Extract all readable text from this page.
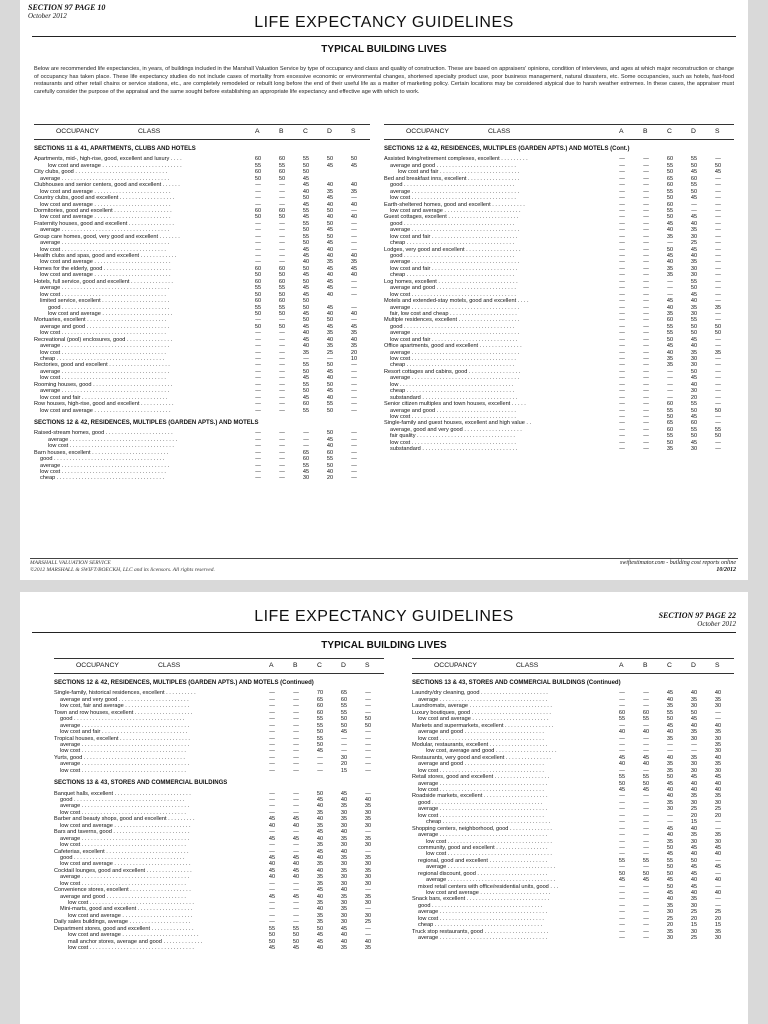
SECTION 97 PAGE 10
October 2012	LIFE EXPECTANCY GUIDELINES
TYPICAL BUILDING LIVES
Below are recommended life expectancies, in years, of buildings included in the Marshall Valuation Service by type of occupancy and class and quality of construction. These are based on appraisers' opinions, condition of interviews, and ages at which major reconstruction or change of occupancy has taken place. These life expectancy studies do not include cases of mortality from excessive economic or environmental changes, shortened specialty product use, poor business management, natural disasters, etc. Some occupancies, such as hotels, fast-food restaurants and other retail chains or service stations, etc., are completely remodeled or rebuilt long before the end of their useful life as a matter of marketing policy. Certain locations may be considered atypical due to harsh weather extremes. In these cases, the appraiser must carefully consider the purpose of the appraisal and the same sought before establishing an appropriate life expectancy and effective age with which to work.
OCCUPANCY	CLASS	A	B	C	D	S
SECTIONS 11 & 41, APARTMENTS, CLUBS AND HOTELS
Apartments, mid-, high-rise, good, excellent and luxury . . . .	60	60	55	50	50
low cost and average . . . . . . . . . . . . . . . . . . . . . . . . . .	55	55	50	45	45
City clubs, good . . . . . . . . . . . . . . . . . . . . . . . . . . . . . .	60	60	50
average . . . . . . . . . . . . . . . . . . . . . . . . . . . . . . . . . . .	50	50	45
Clubhouses and senior centers, good and excellent . . . . . .	—	—	45	40	40
low cost and average . . . . . . . . . . . . . . . . . . . . . . . . .	—	—	40	35	35
Country clubs, good and excellent . . . . . . . . . . . . . . . . . .	—	—	50	45	—
low cost and average . . . . . . . . . . . . . . . . . . . . . . . . .	—	—	45	40	40
Dormitories, good and excellent . . . . . . . . . . . . . . . . . . .	60	60	55	50	—
low cost and average . . . . . . . . . . . . . . . . . . . . . . . . .	50	50	45	40	40
Fraternity houses, good and excellent . . . . . . . . . . . . . . .	—	—	55	50	—
average . . . . . . . . . . . . . . . . . . . . . . . . . . . . . . . . . . .	—	—	50	45	—
Group care homes, good, very good and excellent . . . . . . .	—	—	55	50	—
average . . . . . . . . . . . . . . . . . . . . . . . . . . . . . . . . . . .	—	—	50	45	—
low cost . . . . . . . . . . . . . . . . . . . . . . . . . . . . . . . . . .	—	—	45	40	—
Health clubs and spas, good and excellent . . . . . . . . . . . .	—	—	45	40	40
low cost and average . . . . . . . . . . . . . . . . . . . . . . . . .	—	—	40	35	35
Homes for the elderly, good . . . . . . . . . . . . . . . . . . . . . .	60	60	50	45	45
low cost and average . . . . . . . . . . . . . . . . . . . . . . . . .	50	50	45	40	40
Hotels, full service, good and excellent . . . . . . . . . . . . . .	60	60	50	45	—
average . . . . . . . . . . . . . . . . . . . . . . . . . . . . . . . . . . .	55	55	45	45	—
low cost . . . . . . . . . . . . . . . . . . . . . . . . . . . . . . . . . .	50	50	45	40	—
limited service, excellent . . . . . . . . . . . . . . . . . . . . . .	60	60	50
good . . . . . . . . . . . . . . . . . . . . . . . . . . . . . . . . . . .	55	55	50	45	—
low cost and average . . . . . . . . . . . . . . . . . . . . . . .	50	50	45	40	40
Mortuaries, excellent . . . . . . . . . . . . . . . . . . . . . . . . . .	—	—	50	50	—
average and good . . . . . . . . . . . . . . . . . . . . . . . . . . .	50	50	45	45	45
low cost . . . . . . . . . . . . . . . . . . . . . . . . . . . . . . . . . .	—	—	40	35	35
Recreational (pool) enclosures, good . . . . . . . . . . . . . . .	—	—	45	40	40
average . . . . . . . . . . . . . . . . . . . . . . . . . . . . . . . . . . .	—	—	40	35	35
low cost . . . . . . . . . . . . . . . . . . . . . . . . . . . . . . . . . .	—	—	35	25	20
cheap . . . . . . . . . . . . . . . . . . . . . . . . . . . . . . . . . . .	—	—	—	—	10
Rectories, good and excellent . . . . . . . . . . . . . . . . . . . .	—	—	55	50	—
average . . . . . . . . . . . . . . . . . . . . . . . . . . . . . . . . . . .	—	—	50	45	—
low cost . . . . . . . . . . . . . . . . . . . . . . . . . . . . . . . . . .	—	—	45	40	—
Rooming houses, good . . . . . . . . . . . . . . . . . . . . . . . . . .	—	—	55	50	—
average . . . . . . . . . . . . . . . . . . . . . . . . . . . . . . . . . . .	—	—	50	45	—
low cost and fair . . . . . . . . . . . . . . . . . . . . . . . . . . . .	—	—	45	40	—
Row houses, high-rise, good and excellent . . . . . . . . . . .	—	—	60	55	—
low cost and average . . . . . . . . . . . . . . . . . . . . . . . . .	—	—	55	50	—
SECTIONS 12 & 42, RESIDENCES, MULTIPLES (GARDEN APTS.) AND MOTELS
Raised-stream homes, good . . . . . . . . . . . . . . . . . . . . . .	—	—	—	50	—
average . . . . . . . . . . . . . . . . . . . . . . . . . . . . . . . . . . .	—	—	—	45	—
low cost . . . . . . . . . . . . . . . . . . . . . . . . . . . . . . . . . .	—	—	—	40	—
Barn houses, excellent . . . . . . . . . . . . . . . . . . . . . . . . .	—	—	65	60	—
good . . . . . . . . . . . . . . . . . . . . . . . . . . . . . . . . . . . .	—	—	60	55	—
average . . . . . . . . . . . . . . . . . . . . . . . . . . . . . . . . . . .	—	—	55	50	—
low cost . . . . . . . . . . . . . . . . . . . . . . . . . . . . . . . . . .	—	—	45	40	—
cheap . . . . . . . . . . . . . . . . . . . . . . . . . . . . . . . . . . .	—	—	30	20	—
OCCUPANCY	CLASS	A	B	C	D	S
SECTIONS 12 & 42, RESIDENCES, MULTIPLES (GARDEN APTS.) AND MOTELS (Cont.)
Assisted living/retirement complexes, excellent . . . . . . . . .	—	—	60	55	—
average and good . . . . . . . . . . . . . . . . . . . . . . . . . .	—	—	55	50	50
low cost and fair . . . . . . . . . . . . . . . . . . . . . . . . . .	—	—	50	45	45
Bed and breakfast inns, excellent . . . . . . . . . . . . . . . . .	—	—	65	60	—
good . . . . . . . . . . . . . . . . . . . . . . . . . . . . . . . . . . . .	—	—	60	55	—
average . . . . . . . . . . . . . . . . . . . . . . . . . . . . . . . . . . .	—	—	55	50	—
low cost . . . . . . . . . . . . . . . . . . . . . . . . . . . . . . . . . .	—	—	50	45	—
Earth-sheltered homes, good and excellent . . . . . . . . . . .	—	—	60	—	—
low cost and average . . . . . . . . . . . . . . . . . . . . . . . . .	—	—	55	—	—
Guest cottages, excellent . . . . . . . . . . . . . . . . . . . . . . .	—	—	50	45	—
good . . . . . . . . . . . . . . . . . . . . . . . . . . . . . . . . . . . .	—	—	45	40	—
average . . . . . . . . . . . . . . . . . . . . . . . . . . . . . . . . . . .	—	—	40	35	—
low cost and fair . . . . . . . . . . . . . . . . . . . . . . . . . . . .	—	—	35	30	—
cheap . . . . . . . . . . . . . . . . . . . . . . . . . . . . . . . . . . .	—	—	—	25	—
Lodges, very good and excellent . . . . . . . . . . . . . . . . . .	—	—	50	45	—
good . . . . . . . . . . . . . . . . . . . . . . . . . . . . . . . . . . . .	—	—	45	40	—
average . . . . . . . . . . . . . . . . . . . . . . . . . . . . . . . . . . .	—	—	40	35	—
low cost and fair . . . . . . . . . . . . . . . . . . . . . . . . . . . .	—	—	35	30	—
cheap . . . . . . . . . . . . . . . . . . . . . . . . . . . . . . . . . . .	—	—	35	30	—
Log homes, excellent . . . . . . . . . . . . . . . . . . . . . . . . . .	—	—	—	55	—
average and good . . . . . . . . . . . . . . . . . . . . . . . . . .	—	—	—	50	—
low cost . . . . . . . . . . . . . . . . . . . . . . . . . . . . . . . . . .	—	—	—	45	—
Motels and extended-stay motels, good and excellent . . . .	—	—	45	40	—
average . . . . . . . . . . . . . . . . . . . . . . . . . . . . . . . . . . .	—	—	40	35	35
fair, low cost and cheap . . . . . . . . . . . . . . . . . . . . . .	—	—	35	30	—
Multiple residences, excellent . . . . . . . . . . . . . . . . . . . .	—	—	60	55	—
good . . . . . . . . . . . . . . . . . . . . . . . . . . . . . . . . . . . .	—	—	55	50	50
average . . . . . . . . . . . . . . . . . . . . . . . . . . . . . . . . . . .	—	—	55	50	50
low cost and fair . . . . . . . . . . . . . . . . . . . . . . . . . . . .	—	—	50	45	—
Office apartments, good and excellent . . . . . . . . . . . . . .	—	—	45	40	—
average . . . . . . . . . . . . . . . . . . . . . . . . . . . . . . . . . . .	—	—	40	35	35
low cost . . . . . . . . . . . . . . . . . . . . . . . . . . . . . . . . . .	—	—	35	30	—
cheap . . . . . . . . . . . . . . . . . . . . . . . . . . . . . . . . . . .	—	—	35	30	—
Resort cottages and cabins, good . . . . . . . . . . . . . . . . .	—	—	—	50	—
average . . . . . . . . . . . . . . . . . . . . . . . . . . . . . . . . . . .	—	—	—	45	—
low . . . . . . . . . . . . . . . . . . . . . . . . . . . . . . . . . . . . .	—	—	—	40	—
cheap . . . . . . . . . . . . . . . . . . . . . . . . . . . . . . . . . . .	—	—	—	30	—
substandard . . . . . . . . . . . . . . . . . . . . . . . . . . . . . . .	—	—	—	20	—
Senior citizen multiples and town houses, excellent . . . . .	—	—	60	55	—
average and good . . . . . . . . . . . . . . . . . . . . . . . . . .	—	—	55	50	50
low cost . . . . . . . . . . . . . . . . . . . . . . . . . . . . . . . . . .	—	—	50	45	—
Single-family and guest houses, excellent and high value . .	—	—	65	60	—
average, good and very good . . . . . . . . . . . . . . . . . . .	—	—	60	55	55
fair quality . . . . . . . . . . . . . . . . . . . . . . . . . . . . . . . .	—	—	55	50	50
low cost . . . . . . . . . . . . . . . . . . . . . . . . . . . . . . . . . .	—	—	50	45	—
substandard . . . . . . . . . . . . . . . . . . . . . . . . . . . . . . .	—	—	35	30	—
MARSHALL VALUATION SERVICE
©2012 MARSHALL & SWIFT/BOECKH, LLC and its licensors. All rights reserved.
swiftestimator.com - building cost reports online
10/2012
LIFE EXPECTANCY GUIDELINES	SECTION 97 PAGE 22
October 2012
TYPICAL BUILDING LIVES
OCCUPANCY	CLASS	A	B	C	D	S
SECTIONS 12 & 42, RESIDENCES, MULTIPLES (GARDEN APTS.) AND MOTELS (Continued)
Single-family, historical residences, excellent . . . . . . . . . .	—	—	70	65	—
average and very good . . . . . . . . . . . . . . . . . . . . . . .	—	—	65	60	—
low cost, fair and average . . . . . . . . . . . . . . . . . . . . .	—	—	60	55	—
Town and row houses, excellent . . . . . . . . . . . . . . . . . . .	—	—	60	55	—
good . . . . . . . . . . . . . . . . . . . . . . . . . . . . . . . . . . . .	—	—	55	50	50
average . . . . . . . . . . . . . . . . . . . . . . . . . . . . . . . . . . .	—	—	55	50	50
low cost and fair . . . . . . . . . . . . . . . . . . . . . . . . . . . .	—	—	50	45	—
Tropical houses, excellent . . . . . . . . . . . . . . . . . . . . . . .	—	—	55	—	—
average . . . . . . . . . . . . . . . . . . . . . . . . . . . . . . . . . . .	—	—	50	—	—
low cost . . . . . . . . . . . . . . . . . . . . . . . . . . . . . . . . . .	—	—	45	—	—
Yurts, good . . . . . . . . . . . . . . . . . . . . . . . . . . . . . . . . .	—	—	—	30	—
average . . . . . . . . . . . . . . . . . . . . . . . . . . . . . . . . . . .	—	—	—	20	—
low cost . . . . . . . . . . . . . . . . . . . . . . . . . . . . . . . . . .	—	—	—	15	—
SECTIONS 13 & 43, STORES AND COMMERCIAL BUILDINGS
Banquet halls, excellent . . . . . . . . . . . . . . . . . . . . . . . . .	—	—	50	45	—
good . . . . . . . . . . . . . . . . . . . . . . . . . . . . . . . . . . . .	—	—	45	40	40
average . . . . . . . . . . . . . . . . . . . . . . . . . . . . . . . . . . .	—	—	40	35	35
low cost . . . . . . . . . . . . . . . . . . . . . . . . . . . . . . . . . .	—	—	35	30	30
Barber and beauty shops, good and excellent . . . . . . . . .	45	45	40	35	35
low cost and average . . . . . . . . . . . . . . . . . . . . . . . . .	40	40	35	30	30
Bars and taverns, good . . . . . . . . . . . . . . . . . . . . . . . . .	—	—	45	40	—
average . . . . . . . . . . . . . . . . . . . . . . . . . . . . . . . . . . .	45	45	40	35	35
low cost . . . . . . . . . . . . . . . . . . . . . . . . . . . . . . . . . .	—	—	35	30	30
Cafeterias, excellent . . . . . . . . . . . . . . . . . . . . . . . . . . .	—	—	45	40	—
good . . . . . . . . . . . . . . . . . . . . . . . . . . . . . . . . . . . .	45	45	40	35	35
low cost and average . . . . . . . . . . . . . . . . . . . . . . . . .	40	40	35	30	30
Cocktail lounges, good and excellent . . . . . . . . . . . . . . .	45	45	40	35	35
average . . . . . . . . . . . . . . . . . . . . . . . . . . . . . . . . . . .	40	40	35	30	30
low cost . . . . . . . . . . . . . . . . . . . . . . . . . . . . . . . . . .	—	—	35	30	30
Convenience stores, excellent . . . . . . . . . . . . . . . . . . . .	—	—	45	40	—
average and good . . . . . . . . . . . . . . . . . . . . . . . . . .	45	45	40	35	35
low cost . . . . . . . . . . . . . . . . . . . . . . . . . . . . . . . . . .	—	—	35	30	30
Mini-marts, good and excellent . . . . . . . . . . . . . . . . . .	—	—	40	35	—
low cost and average . . . . . . . . . . . . . . . . . . . . . . .	—	—	35	30	30
Daily sales buildings, average . . . . . . . . . . . . . . . . . . . .	—	—	35	30	25
Department stores, good and excellent . . . . . . . . . . . . . .	55	55	50	45	—
low cost and average . . . . . . . . . . . . . . . . . . . . . . . . .	50	50	45	40	—
mall anchor stores, average and good . . . . . . . . . . . . .	50	50	45	40	40
low cost . . . . . . . . . . . . . . . . . . . . . . . . . . . . . . . . . .	45	45	40	35	35
OCCUPANCY	CLASS	A	B	C	D	S
SECTIONS 13 & 43, STORES AND COMMERCIAL BUILDINGS (Continued)
Laundry/dry cleaning, good . . . . . . . . . . . . . . . . . . . . . .	—	—	45	40	40
average . . . . . . . . . . . . . . . . . . . . . . . . . . . . . . . . . . .	—	—	40	35	35
Laundromats, average . . . . . . . . . . . . . . . . . . . . . . . . . . .	—	—	35	30	30
Luxury boutiques, good . . . . . . . . . . . . . . . . . . . . . . . . . .	60	60	55	50	—
low cost and average . . . . . . . . . . . . . . . . . . . . . . . . .	55	55	50	45	—
Markets and supermarkets, excellent . . . . . . . . . . . . . . . .	—	—	45	40	40
average and good . . . . . . . . . . . . . . . . . . . . . . . . . .	40	40	40	35	35
low cost . . . . . . . . . . . . . . . . . . . . . . . . . . . . . . . . . .	—	—	35	30	30
Modular, restaurants, excellent . . . . . . . . . . . . . . . . . . .	—	—	—	—	35
low cost, average and good . . . . . . . . . . . . . . . . . . . .	—	—	—	—	30
Restaurants, very good and excellent . . . . . . . . . . . . . . .	45	45	40	35	40
average and good . . . . . . . . . . . . . . . . . . . . . . . . . .	40	40	35	30	35
low cost . . . . . . . . . . . . . . . . . . . . . . . . . . . . . . . . . .	—	—	35	30	30
Retail stores, good and excellent . . . . . . . . . . . . . . . . . .	55	55	50	45	45
average . . . . . . . . . . . . . . . . . . . . . . . . . . . . . . . . . . .	50	50	45	40	40
low cost . . . . . . . . . . . . . . . . . . . . . . . . . . . . . . . . . .	45	45	40	40	40
Roadside markets, excellent . . . . . . . . . . . . . . . . . . . . .	—	—	40	35	35
good . . . . . . . . . . . . . . . . . . . . . . . . . . . . . . . . . . . .	—	—	35	30	30
average . . . . . . . . . . . . . . . . . . . . . . . . . . . . . . . . . . .	—	—	30	25	25
low cost . . . . . . . . . . . . . . . . . . . . . . . . . . . . . . . . . .	—	—	—	20	20
cheap . . . . . . . . . . . . . . . . . . . . . . . . . . . . . . . . . . .	—	—	—	15	—
Shopping centers, neighborhood, good . . . . . . . . . . . . . .	—	—	45	40	—
average . . . . . . . . . . . . . . . . . . . . . . . . . . . . . . . . . . .	—	—	40	35	35
low cost . . . . . . . . . . . . . . . . . . . . . . . . . . . . . . . . . .	—	—	35	30	30
community, good and excellent . . . . . . . . . . . . . . . . .	—	—	50	45	45
low cost . . . . . . . . . . . . . . . . . . . . . . . . . . . . . . . . . .	—	—	45	40	40
regional, good and excellent . . . . . . . . . . . . . . . . . . .	55	55	55	50	—
average . . . . . . . . . . . . . . . . . . . . . . . . . . . . . . . . . . .	—	—	50	45	45
regional discount, good . . . . . . . . . . . . . . . . . . . . . . .	50	50	50	45	—
average . . . . . . . . . . . . . . . . . . . . . . . . . . . . . . . . . . .	45	45	45	40	40
mixed retail centers with office/residential units, good . . .	—	—	50	45	—
low cost and average . . . . . . . . . . . . . . . . . . . . . . .	—	—	45	40	40
Snack bars, excellent . . . . . . . . . . . . . . . . . . . . . . . . . . .	—	—	40	35	—
good . . . . . . . . . . . . . . . . . . . . . . . . . . . . . . . . . . . .	—	—	35	30	—
average . . . . . . . . . . . . . . . . . . . . . . . . . . . . . . . . . . .	—	—	30	25	25
low cost . . . . . . . . . . . . . . . . . . . . . . . . . . . . . . . . . .	—	—	25	20	20
cheap . . . . . . . . . . . . . . . . . . . . . . . . . . . . . . . . . . .	—	—	20	15	15
Truck stop restaurants, good . . . . . . . . . . . . . . . . . . . . .	—	—	35	30	35
average . . . . . . . . . . . . . . . . . . . . . . . . . . . . . . . . . . .	—	—	30	25	30
